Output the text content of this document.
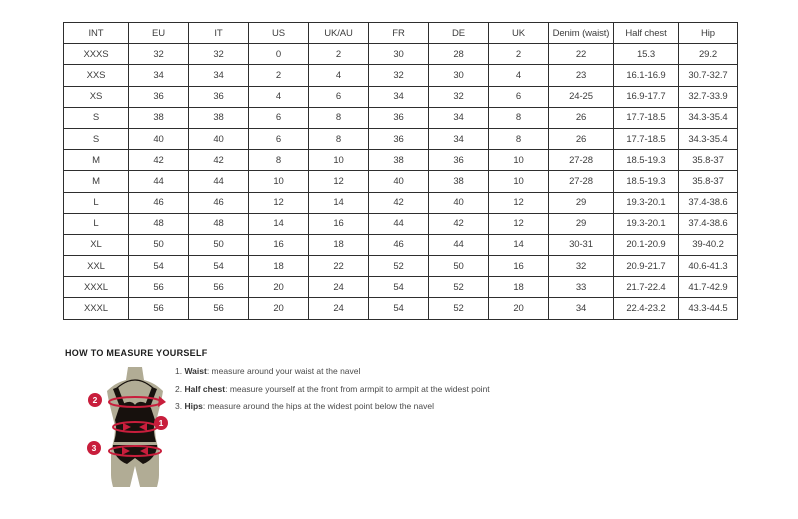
INT	EU	IT	US	UK/AU	FR	DE	UK	Denim (waist)	Half chest	Hip
XXXS	32	32	0	2	30	28	2	22	15.3	29.2
XXS	34	34	2	4	32	30	4	23	16.1-16.9	30.7-32.7
XS	36	36	4	6	34	32	6	24-25	16.9-17.7	32.7-33.9
S	38	38	6	8	36	34	8	26	17.7-18.5	34.3-35.4
S	40	40	6	8	36	34	8	26	17.7-18.5	34.3-35.4
M	42	42	8	10	38	36	10	27-28	18.5-19.3	35.8-37
M	44	44	10	12	40	38	10	27-28	18.5-19.3	35.8-37
L	46	46	12	14	42	40	12	29	19.3-20.1	37.4-38.6
L	48	48	14	16	44	42	12	29	19.3-20.1	37.4-38.6
XL	50	50	16	18	46	44	14	30-31	20.1-20.9	39-40.2
XXL	54	54	18	22	52	50	16	32	20.9-21.7	40.6-41.3
XXXL	56	56	20	24	54	52	18	33	21.7-22.4	41.7-42.9
XXXL	56	56	20	24	54	52	20	34	22.4-23.2	43.3-44.5
HOW TO MEASURE YOURSELF
2
1
3

1. Waist: measure around your waist at the navel

2. Half chest: measure yourself at the front from armpit to armpit at the widest point

3. Hips: measure around the hips at the widest point below the navel
